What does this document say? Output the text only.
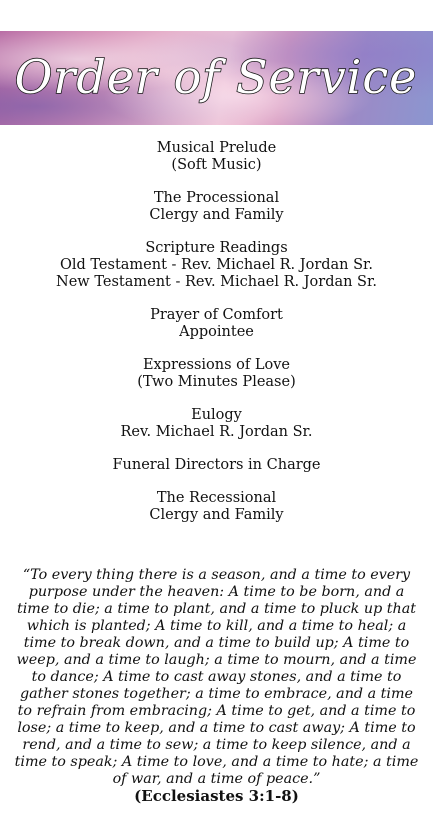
Order of Service
Musical Prelude
(Soft Music)
The Processional
Clergy and Family
Scripture Readings
Old Testament - Rev. Michael R. Jordan Sr.
New Testament - Rev. Michael R. Jordan Sr.
Prayer of Comfort
Appointee
Expressions of Love
(Two Minutes Please)
Eulogy
Rev. Michael R. Jordan Sr.
Funeral Directors in Charge
The Recessional
Clergy and Family
“To every thing there is a season, and a time to every purpose under the heaven: A time to be born, and a time to die; a time to plant, and a time to pluck up that which is planted; A time to kill, and a time to heal; a time to break down, and a time to build up; A time to weep, and a time to laugh; a time to mourn, and a time to dance; A time to cast away stones, and a time to gather stones together; a time to embrace, and a time to refrain from embracing; A time to get, and a time to lose; a time to keep, and a time to cast away; A time to rend, and a time to sew; a time to keep silence, and a time to speak; A time to love, and a time to hate; a time of war, and a time of peace.”
(Ecclesiastes 3:1-8)
